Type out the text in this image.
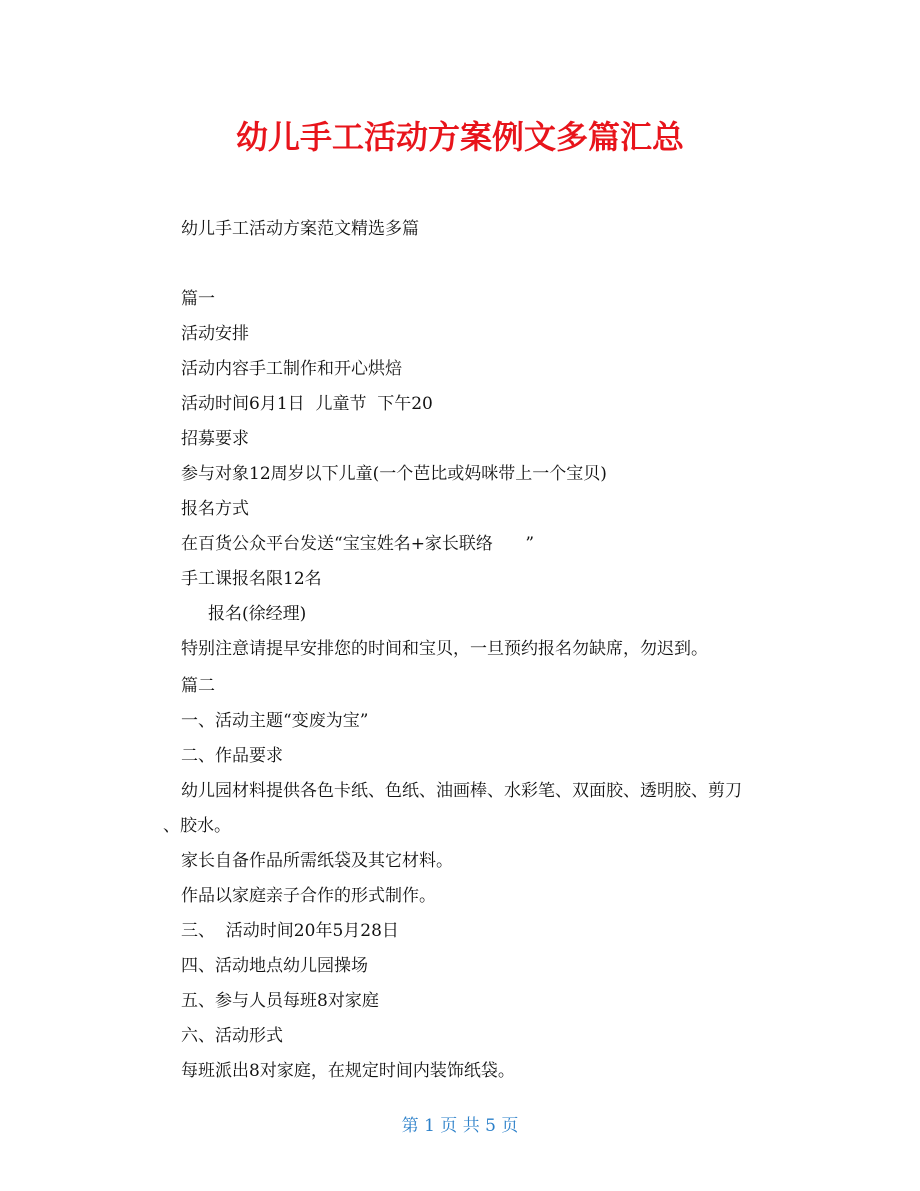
幼儿手工活动方案例文多篇汇总

幼儿手工活动方案范文精选多篇

篇一

活动安排

活动内容手工制作和开心烘焙

活动时间6月1日  儿童节  下午20

招募要求

参与对象12周岁以下儿童(一个芭比或妈咪带上一个宝贝)

报名方式

在百货公众平台发送“宝宝姓名+家长联络      ”

手工课报名限12名

报名(徐经理)

特别注意请提早安排您的时间和宝贝，一旦预约报名勿缺席，勿迟到。

篇二

一、活动主题“变废为宝”

二、作品要求

幼儿园材料提供各色卡纸、色纸、油画棒、水彩笔、双面胶、透明胶、剪刀

、胶水。

家长自备作品所需纸袋及其它材料。

作品以家庭亲子合作的形式制作。

三、  活动时间20年5月28日

四、活动地点幼儿园操场

五、参与人员每班8对家庭

六、活动形式

每班派出8对家庭，在规定时间内装饰纸袋。

第 1 页 共 5 页
